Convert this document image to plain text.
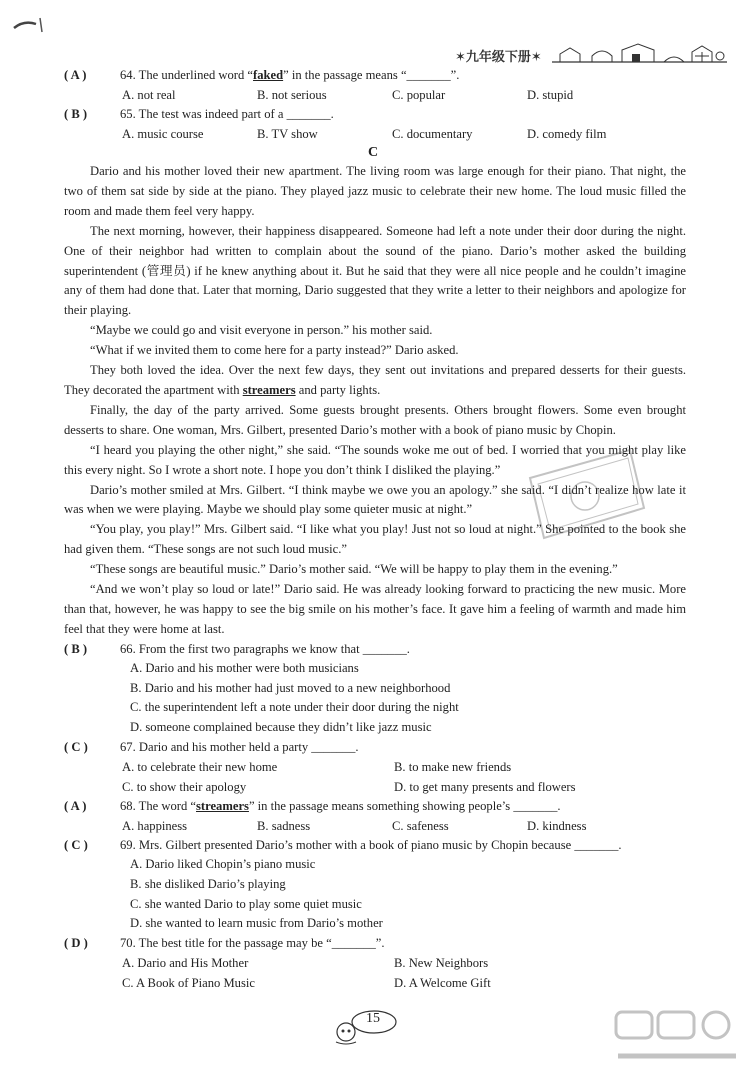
✶九年级下册✶
( A )	64. The underlined word “faked” in the passage means “_______”.
A. not real	B. not serious	C. popular	D. stupid
( B )	65. The test was indeed part of a _______.
A. music course	B. TV show	C. documentary	D. comedy film
C

Dario and his mother loved their new apartment. The living room was large enough for their piano. That night, the two of them sat side by side at the piano. They played jazz music to celebrate their new home. The loud music filled the room and made them feel very happy.

The next morning, however, their happiness disappeared. Someone had left a note under their door during the night. One of their neighbor had written to complain about the sound of the piano. Dario’s mother asked the building superintendent (管理员) if he knew anything about it. But he said that they were all nice people and he couldn’t imagine any of them had done that. Later that morning, Dario suggested that they write a letter to their neighbors and apologize for their playing.

“Maybe we could go and visit everyone in person.” his mother said.

“What if we invited them to come here for a party instead?” Dario asked.

They both loved the idea. Over the next few days, they sent out invitations and prepared desserts for their guests. They decorated the apartment with streamers and party lights.

Finally, the day of the party arrived. Some guests brought presents. Others brought flowers. Some even brought desserts to share. One woman, Mrs. Gilbert, presented Dario’s mother with a book of piano music by Chopin.

“I heard you playing the other night,” she said. “The sounds woke me out of bed. I worried that you might play like this every night. So I wrote a short note. I hope you don’t think I disliked the playing.”

Dario’s mother smiled at Mrs. Gilbert. “I think maybe we owe you an apology.” she said. “I didn’t realize how late it was when we were playing. Maybe we should play some quieter music at night.”

“You play, you play!” Mrs. Gilbert said. “I like what you play! Just not so loud at night.” She pointed to the book she had given them. “These songs are not such loud music.”

“These songs are beautiful music.” Dario’s mother said. “We will be happy to play them in the evening.”

“And we won’t play so loud or late!” Dario said. He was already looking forward to practicing the new music. More than that, however, he was happy to see the big smile on his mother’s face. It gave him a feeling of warmth and made him feel that they were home at last.

( B )	66. From the first two paragraphs we know that _______.
A. Dario and his mother were both musicians
B. Dario and his mother had just moved to a new neighborhood
C. the superintendent left a note under their door during the night
D. someone complained because they didn’t like jazz music
( C )	67. Dario and his mother held a party _______.
A. to celebrate their new home	B. to make new friends
C. to show their apology	D. to get many presents and flowers
( A )	68. The word “streamers” in the passage means something showing people’s _______.
A. happiness	B. sadness	C. safeness	D. kindness
( C )	69. Mrs. Gilbert presented Dario’s mother with a book of piano music by Chopin because _______.
A. Dario liked Chopin’s piano music
B. she disliked Dario’s playing
C. she wanted Dario to play some quiet music
D. she wanted to learn music from Dario’s mother
( D )	70. The best title for the passage may be “_______”.
A. Dario and His Mother	B. New Neighbors
C. A Book of Piano Music	D. A Welcome Gift
15
